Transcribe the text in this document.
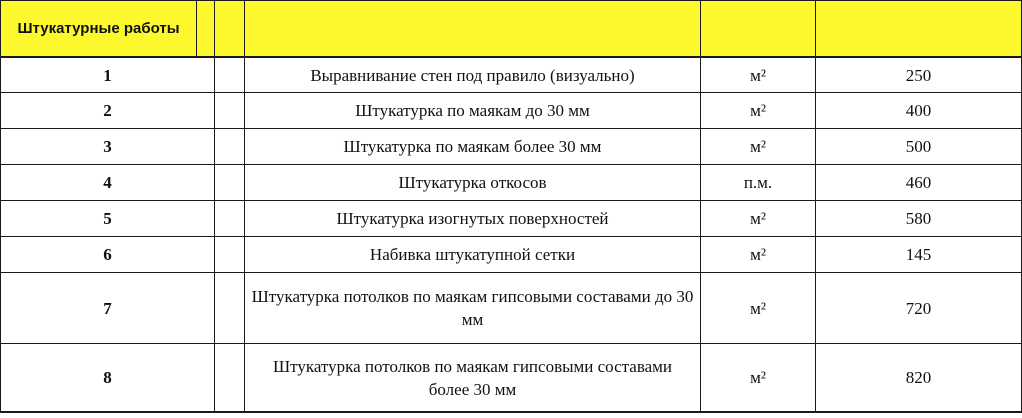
Штукатурные работы					
1			Выравнивание стен под правило (визуально)	м²	250
2			Штукатурка по маякам до 30 мм	м²	400
3			Штукатурка по маякам более 30 мм	м²	500
4			Штукатурка откосов	п.м.	460
5			Штукатурка изогнутых поверхностей	м²	580
6			Набивка штукатупной сетки	м²	145
7			Штукатурка потолков по маякам гипсовыми составами до 30 мм	м²	720
8			Штукатурка потолков по маякам гипсовыми составами более 30 мм	м²	820
